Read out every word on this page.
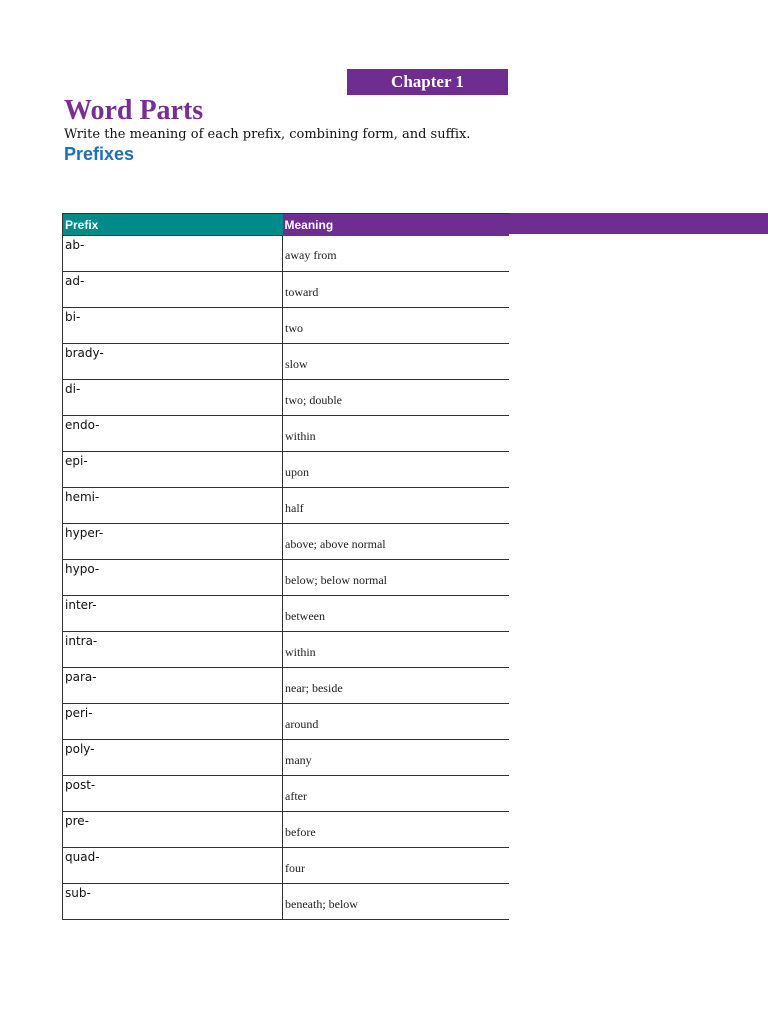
Chapter 1
Word Parts

Write the meaning of each prefix, combining form, and suffix.

Prefixes
Prefix	Meaning
ab-	away from
ad-	toward
bi-	two
brady-	slow
di-	two; double
endo-	within
epi-	upon
hemi-	half
hyper-	above; above normal
hypo-	below; below normal
inter-	between
intra-	within
para-	near; beside
peri-	around
poly-	many
post-	after
pre-	before
quad-	four
sub-	beneath; below
